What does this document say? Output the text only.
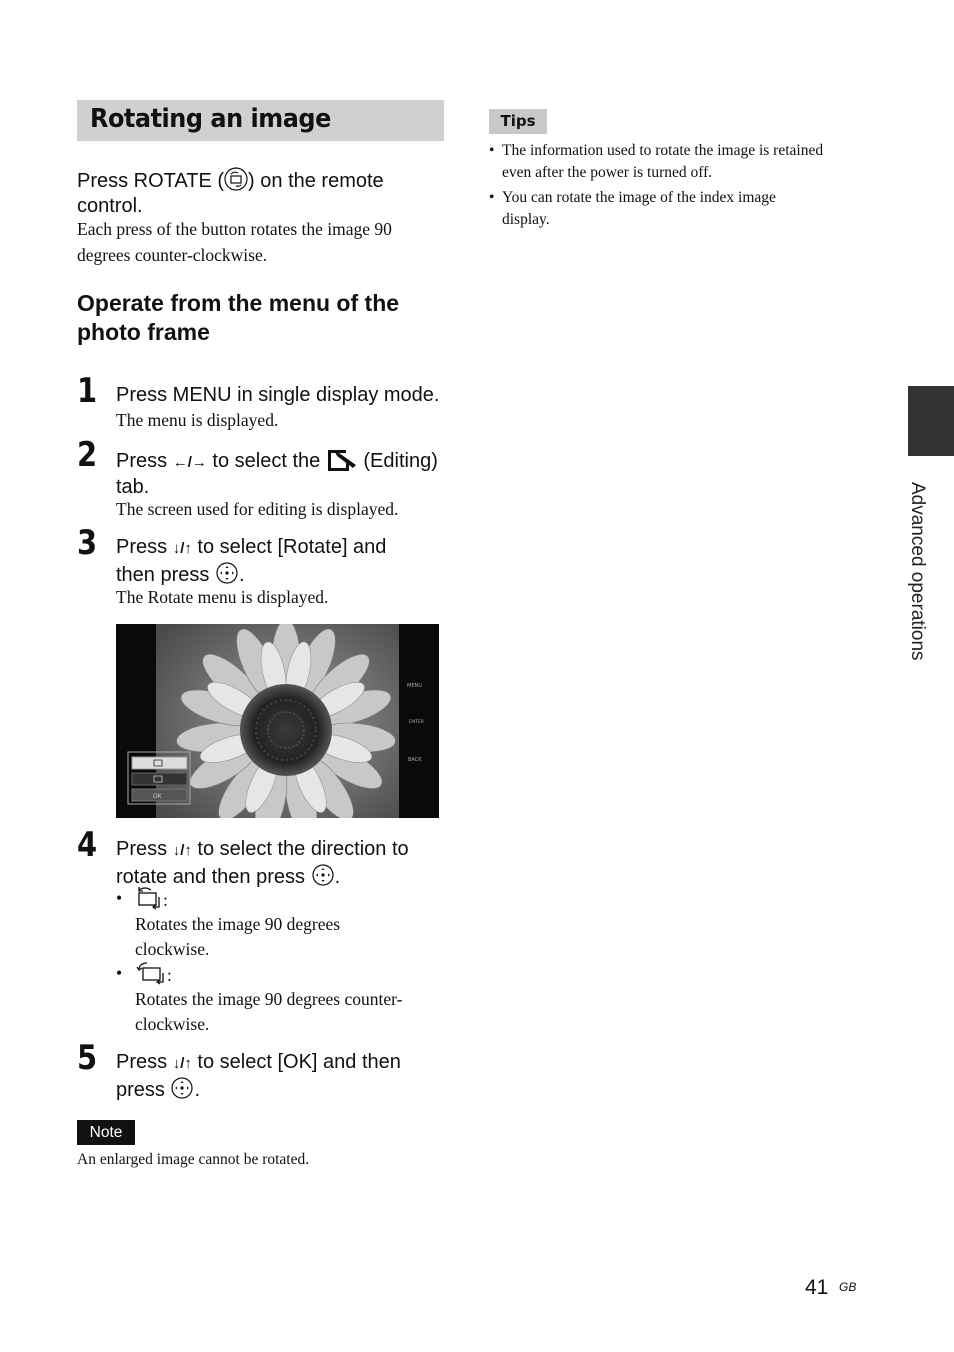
Rotating an image
Press ROTATE ( ) on the remote
control.
Each press of the button rotates the image 90
degrees counter-clockwise.
Operate from the menu of the
photo frame
1 Press MENU in single display mode.
The menu is displayed.
2 Press ←/→ to select the  (Editing)
tab.
The screen used for editing is displayed.
3 Press ↓/↑ to select [Rotate] and
then press .
The Rotate menu is displayed.
MENU
ENTER
BACK
OK
4 Press ↓/↑ to select the direction to
rotate and then press .
•	:
Rotates the image 90 degrees
clockwise.
•	:
Rotates the image 90 degrees counter-
clockwise.
5 Press ↓/↑ to select [OK] and then
press .
Note
An enlarged image cannot be rotated.
Tips
• The information used to rotate the image is retained
even after the power is turned off.
• You can rotate the image of the index image
display.
Advanced operations
41 GB
